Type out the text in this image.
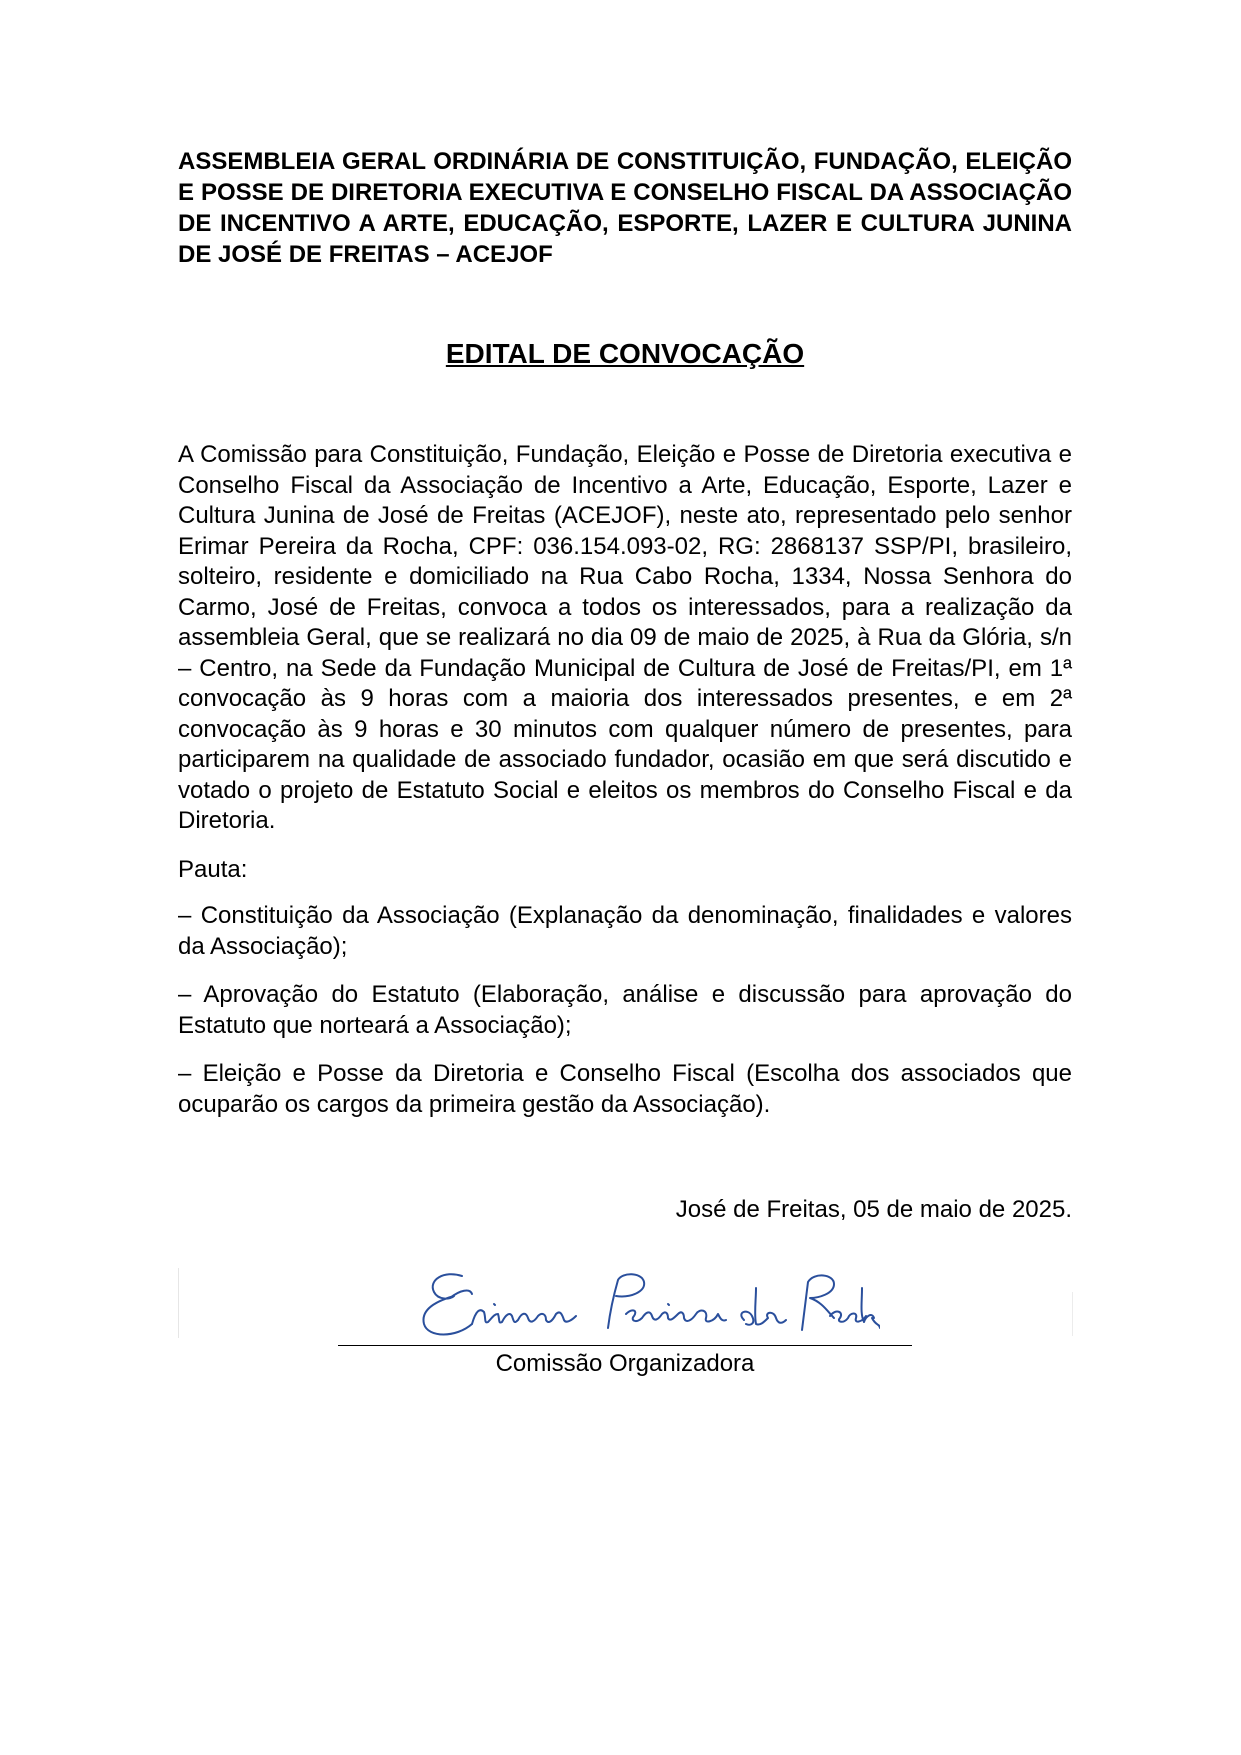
ASSEMBLEIA GERAL ORDINÁRIA DE CONSTITUIÇÃO, FUNDAÇÃO, ELEIÇÃO E POSSE DE DIRETORIA EXECUTIVA E CONSELHO FISCAL DA ASSOCIAÇÃO DE INCENTIVO A ARTE, EDUCAÇÃO, ESPORTE, LAZER E CULTURA JUNINA DE JOSÉ DE FREITAS – ACEJOF

EDITAL DE CONVOCAÇÃO

A Comissão para Constituição, Fundação, Eleição e Posse de Diretoria executiva e Conselho Fiscal da Associação de Incentivo a Arte, Educação, Esporte, Lazer e Cultura Junina de José de Freitas (ACEJOF), neste ato, representado pelo senhor Erimar Pereira da Rocha, CPF: 036.154.093-02, RG: 2868137 SSP/PI, brasileiro, solteiro, residente e domiciliado na Rua Cabo Rocha, 1334, Nossa Senhora do Carmo, José de Freitas, convoca a todos os interessados, para a realização da assembleia Geral, que se realizará no dia 09 de maio de 2025, à Rua da Glória, s/n – Centro, na Sede da Fundação Municipal de Cultura de José de Freitas/PI, em 1ª convocação às 9 horas com a maioria dos interessados presentes, e em 2ª convocação às 9 horas e 30 minutos com qualquer número de presentes, para participarem na qualidade de associado fundador, ocasião em que será discutido e votado o projeto de Estatuto Social e eleitos os membros do Conselho Fiscal e da Diretoria.

Pauta:

– Constituição da Associação (Explanação da denominação, finalidades e valores da Associação);
– Aprovação do Estatuto (Elaboração, análise e discussão para aprovação do Estatuto que norteará a Associação);
– Eleição e Posse da Diretoria e Conselho Fiscal (Escolha dos associados que ocuparão os cargos da primeira gestão da Associação).

José de Freitas, 05 de maio de 2025.

Comissão Organizadora
